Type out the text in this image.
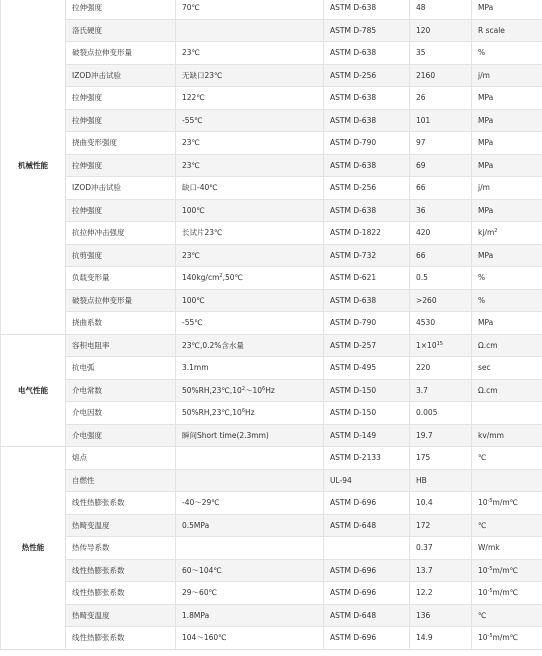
机械性能	拉伸强度	70℃	ASTM D-638	48	MPa
	洛氏硬度		ASTM D-785	120	R scale
	破裂点拉伸变形量	23℃	ASTM D-638	35	%
	IZOD冲击试验	无缺口23℃	ASTM D-256	2160	j/m
	拉伸强度	122℃	ASTM D-638	26	MPa
	拉伸强度	-55℃	ASTM D-638	101	MPa
	挠曲变形强度	23℃	ASTM D-790	97	MPa
	拉伸强度	23℃	ASTM D-638	69	MPa
	IZOD冲击试验	缺口-40℃	ASTM D-256	66	j/m
	拉伸强度	100℃	ASTM D-638	36	MPa
	抗拉伸冲击强度	长试片23℃	ASTM D-1822	420	$kj/m^2$
	抗剪强度	23℃	ASTM D-732	66	MPa
	负载变形量	$140kg/cm^2,50℃$	ASTM D-621	0.5	%
	破裂点拉伸变形量	100℃	ASTM D-638	>260	%
	挠曲系数	-55℃	ASTM D-790	4530	MPa
电气性能	容积电阻率	23℃,0.2%含水量	ASTM D-257	$1\times 10^{15}$	Ω.cm
	抗电弧	3.1mm	ASTM D-495	220	sec
	介电常数	$50\%RH,23℃,10^2\sim 10^6Hz$	ASTM D-150	3.7	Ω.cm
	介电因数	$50\%RH,23℃,10^6Hz$	ASTM D-150	0.005	
	介电强度	瞬间Short time(2.3mm)	ASTM D-149	19.7	kv/mm
热性能	熔点		ASTM D-2133	175	℃
	自燃性		UL-94	HB	
	线性热膨张系数	-40～29℃	ASTM D-696	10.4	$10^{-5}m/m℃$
	热畸变温度	0.5MPa	ASTM D-648	172	℃
	热传导系数			0.37	W/mk
	线性热膨张系数	60～104℃	ASTM D-696	13.7	$10^{-5}m/m℃$
	线性热膨张系数	29～60℃	ASTM D-696	12.2	$10^{-5}m/m℃$
	热畸变温度	1.8MPa	ASTM D-648	136	℃
	线性热膨张系数	104～160℃	ASTM D-696	14.9	$10^{-5}m/m℃$
